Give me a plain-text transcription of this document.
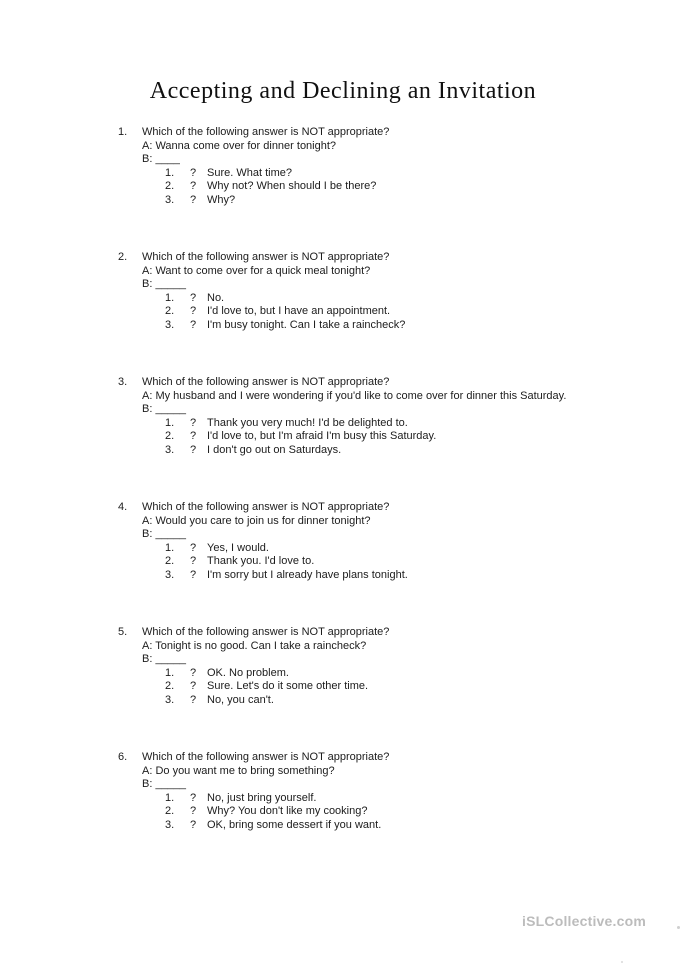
Accepting and Declining an Invitation
1.	Which of the following answer is NOT appropriate?
A: Wanna come over for dinner tonight?
B: ____
1.	? Sure. What time?
2.	? Why not? When should I be there?
3.	? Why?
2.	Which of the following answer is NOT appropriate?
A: Want to come over for a quick meal tonight?
B: _____
1.	? No.
2.	? I'd love to, but I have an appointment.
3.	? I'm busy tonight. Can I take a raincheck?
3.	Which of the following answer is NOT appropriate?
A: My husband and I were wondering if you'd like to come over for dinner this Saturday.
B: _____
1.	? Thank you very much! I'd be delighted to.
2.	? I'd love to, but I'm afraid I'm busy this Saturday.
3.	? I don't go out on Saturdays.
4.	Which of the following answer is NOT appropriate?
A: Would you care to join us for dinner tonight?
B: _____
1.	? Yes, I would.
2.	? Thank you. I'd love to.
3.	? I'm sorry but I already have plans tonight.
5.	Which of the following answer is NOT appropriate?
A: Tonight is no good. Can I take a raincheck?
B: _____
1.	? OK. No problem.
2.	? Sure. Let's do it some other time.
3.	? No, you can't.
6.	Which of the following answer is NOT appropriate?
A: Do you want me to bring something?
B: _____
1.	? No, just bring yourself.
2.	? Why? You don't like my cooking?
3.	? OK, bring some dessert if you want.
iSLCollective.com
